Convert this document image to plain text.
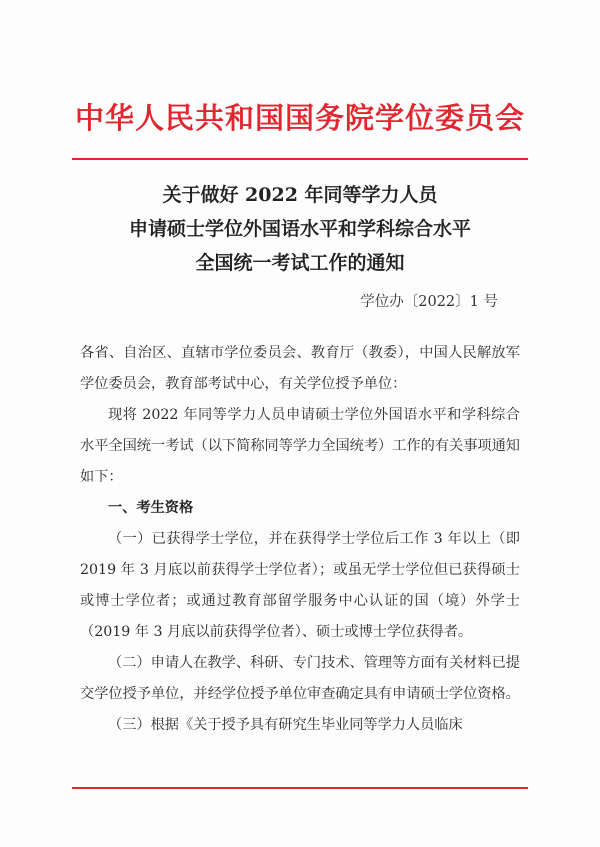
中华人民共和国国务院学位委员会
关于做好 2022 年同等学力人员
申请硕士学位外国语水平和学科综合水平
全国统一考试工作的通知
学位办〔2022〕1 号

各省、自治区、直辖市学位委员会、教育厅（教委），中国人民解放军学位委员会，教育部考试中心，有关学位授予单位：

现将 2022 年同等学力人员申请硕士学位外国语水平和学科综合水平全国统一考试（以下简称同等学力全国统考）工作的有关事项通知如下：

一、考生资格

（一）已获得学士学位，并在获得学士学位后工作 3 年以上（即 2019 年 3 月底以前获得学士学位者）；或虽无学士学位但已获得硕士或博士学位者；或通过教育部留学服务中心认证的国（境）外学士（2019 年 3 月底以前获得学位者）、硕士或博士学位获得者。

（二）申请人在教学、科研、专门技术、管理等方面有关材料已提交学位授予单位，并经学位授予单位审查确定具有申请硕士学位资格。

（三）根据《关于授予具有研究生毕业同等学力人员临床
